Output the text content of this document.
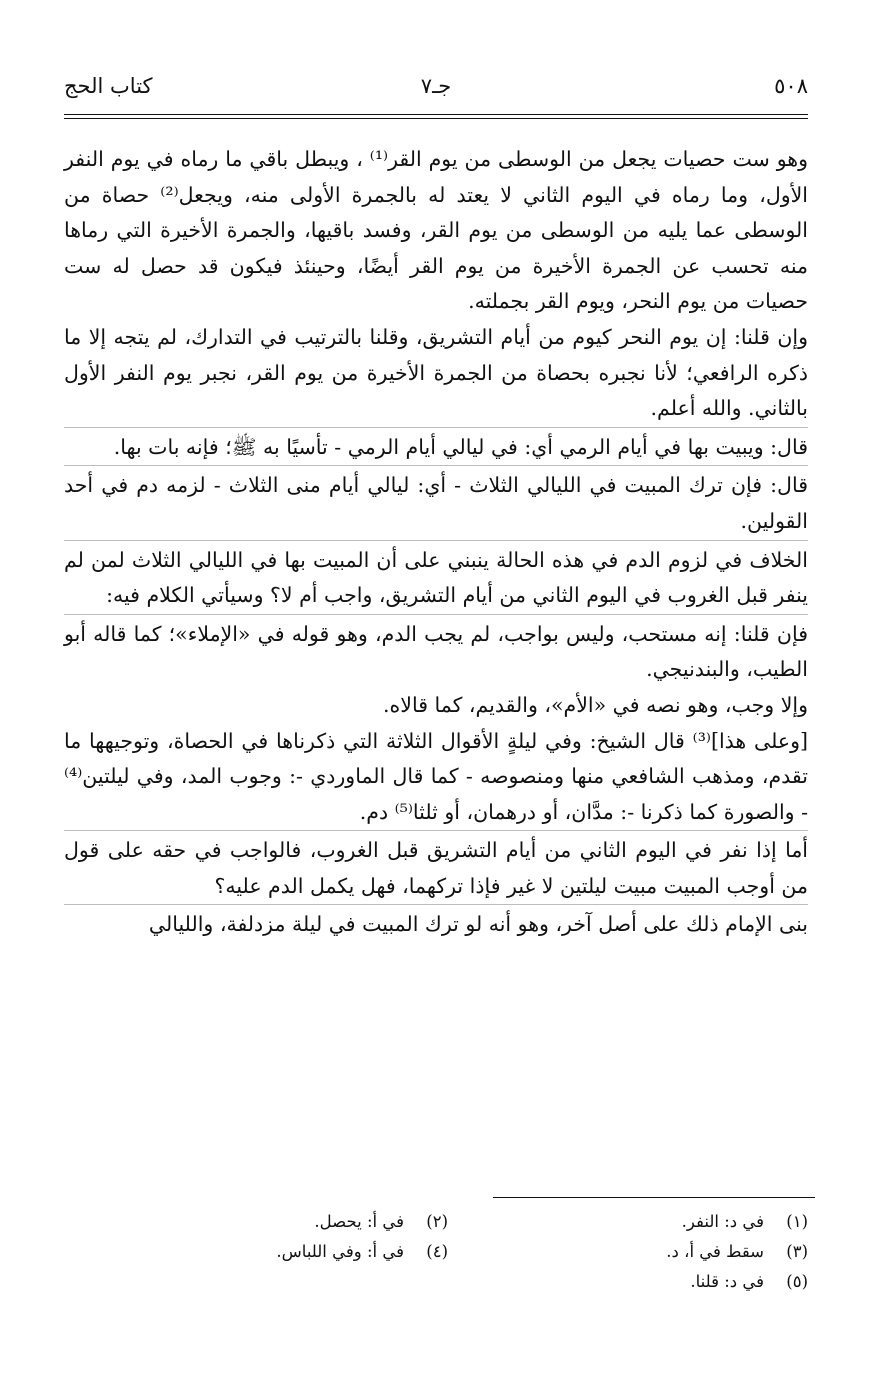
٥٠٨
جـ٧
كتاب الحج

وهو ست حصيات يجعل من الوسطى من يوم القر⁽¹⁾ ، ويبطل باقي ما رماه في يوم النفر الأول، وما رماه في اليوم الثاني لا يعتد له بالجمرة الأولى منه، ويجعل⁽²⁾ حصاة من الوسطى عما يليه من الوسطى من يوم القر، وفسد باقيها، والجمرة الأخيرة التي رماها منه تحسب عن الجمرة الأخيرة من يوم القر أيضًا، وحينئذ فيكون قد حصل له ست حصيات من يوم النحر، ويوم القر بجملته.

وإن قلنا: إن يوم النحر كيوم من أيام التشريق، وقلنا بالترتيب في التدارك، لم يتجه إلا ما ذكره الرافعي؛ لأنا نجبره بحصاة من الجمرة الأخيرة من يوم القر، نجبر يوم النفر الأول بالثاني. والله أعلم.

قال: ويبيت بها في أيام الرمي أي: في ليالي أيام الرمي - تأسيًا به ﷺ؛ فإنه بات بها.

قال: فإن ترك المبيت في الليالي الثلاث - أي: ليالي أيام منى الثلاث - لزمه دم في أحد القولين.

الخلاف في لزوم الدم في هذه الحالة ينبني على أن المبيت بها في الليالي الثلاث لمن لم ينفر قبل الغروب في اليوم الثاني من أيام التشريق، واجب أم لا؟ وسيأتي الكلام فيه:

فإن قلنا: إنه مستحب، وليس بواجب، لم يجب الدم، وهو قوله في «الإملاء»؛ كما قاله أبو الطيب، والبندنيجي.

وإلا وجب، وهو نصه في «الأم»، والقديم، كما قالاه.

[وعلى هذا]⁽³⁾ قال الشيخ: وفي ليلةٍ الأقوال الثلاثة التي ذكرناها في الحصاة، وتوجيهها ما تقدم، ومذهب الشافعي منها ومنصوصه - كما قال الماوردي -: وجوب المد، وفي ليلتين⁽⁴⁾ - والصورة كما ذكرنا -: مدَّان، أو درهمان، أو ثلثا⁽⁵⁾ دم.

أما إذا نفر في اليوم الثاني من أيام التشريق قبل الغروب، فالواجب في حقه على قول من أوجب المبيت مبيت ليلتين لا غير فإذا تركهما، فهل يكمل الدم عليه؟

بنى الإمام ذلك على أصل آخر، وهو أنه لو ترك المبيت في ليلة مزدلفة، والليالي

(١)في د: النفر.
(٢)في أ: يحصل.
(٣)سقط في أ، د.
(٤)في أ: وفي اللباس.
(٥)في د: قلنا.
